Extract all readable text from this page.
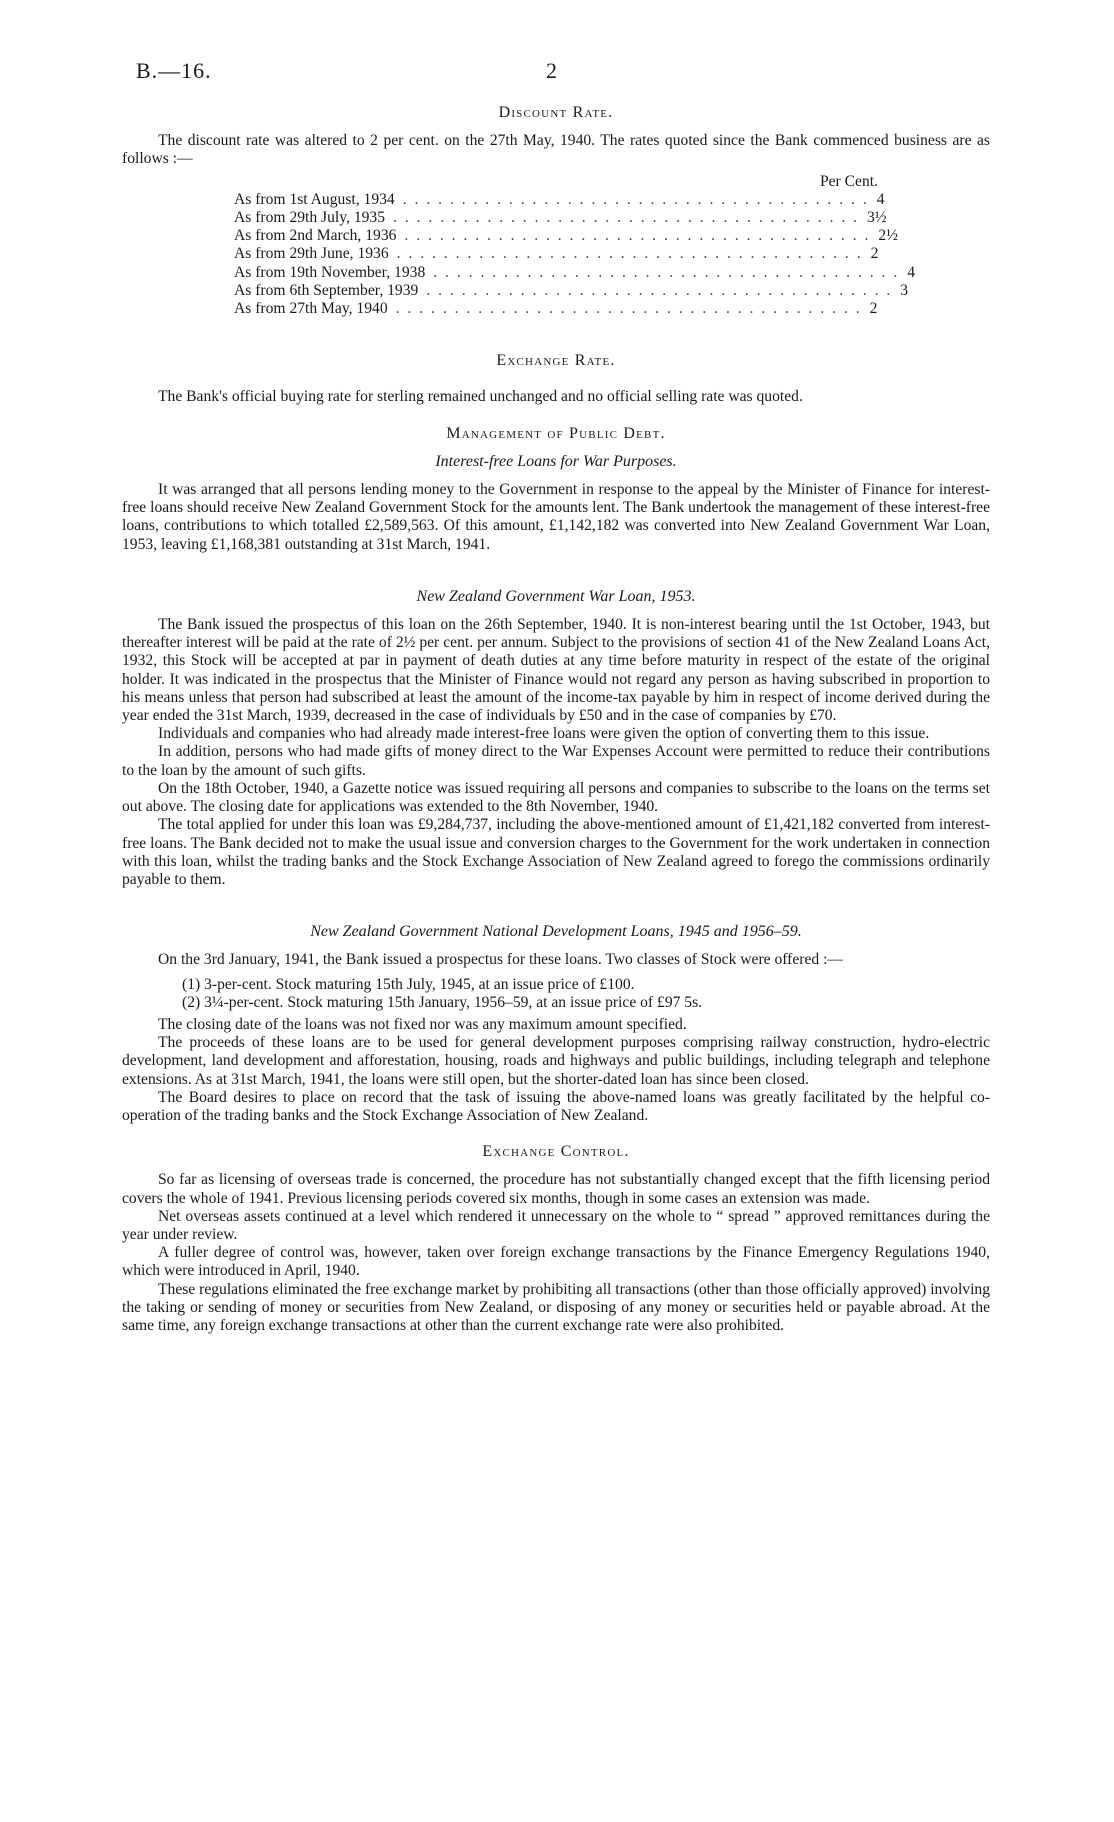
B.—16.	2
Discount Rate.

The discount rate was altered to 2 per cent. on the 27th May, 1940. The rates quoted since the Bank commenced business are as follows :—

Per Cent.
As from 1st August, 1934 . . . . . . . . . . . . . . . . . . . . . . . . . . . . . . . . . . . . . . . . 4
As from 29th July, 1935 . . . . . . . . . . . . . . . . . . . . . . . . . . . . . . . . . . . . . . . . 3½
As from 2nd March, 1936 . . . . . . . . . . . . . . . . . . . . . . . . . . . . . . . . . . . . . . . . 2½
As from 29th June, 1936 . . . . . . . . . . . . . . . . . . . . . . . . . . . . . . . . . . . . . . . . 2
As from 19th November, 1938 . . . . . . . . . . . . . . . . . . . . . . . . . . . . . . . . . . . . . . . . 4
As from 6th September, 1939 . . . . . . . . . . . . . . . . . . . . . . . . . . . . . . . . . . . . . . . . 3
As from 27th May, 1940 . . . . . . . . . . . . . . . . . . . . . . . . . . . . . . . . . . . . . . . . 2
Exchange Rate.

The Bank's official buying rate for sterling remained unchanged and no official selling rate was quoted.

Management of Public Debt.
Interest-free Loans for War Purposes.

It was arranged that all persons lending money to the Government in response to the appeal by the Minister of Finance for interest-free loans should receive New Zealand Government Stock for the amounts lent. The Bank undertook the management of these interest-free loans, contributions to which totalled £2,589,563. Of this amount, £1,142,182 was converted into New Zealand Government War Loan, 1953, leaving £1,168,381 outstanding at 31st March, 1941.

New Zealand Government War Loan, 1953.

The Bank issued the prospectus of this loan on the 26th September, 1940. It is non-interest bearing until the 1st October, 1943, but thereafter interest will be paid at the rate of 2½ per cent. per annum. Subject to the provisions of section 41 of the New Zealand Loans Act, 1932, this Stock will be accepted at par in payment of death duties at any time before maturity in respect of the estate of the original holder. It was indicated in the prospectus that the Minister of Finance would not regard any person as having subscribed in proportion to his means unless that person had subscribed at least the amount of the income-tax payable by him in respect of income derived during the year ended the 31st March, 1939, decreased in the case of individuals by £50 and in the case of companies by £70.

Individuals and companies who had already made interest-free loans were given the option of converting them to this issue.

In addition, persons who had made gifts of money direct to the War Expenses Account were permitted to reduce their contributions to the loan by the amount of such gifts.

On the 18th October, 1940, a Gazette notice was issued requiring all persons and companies to subscribe to the loans on the terms set out above. The closing date for applications was extended to the 8th November, 1940.

The total applied for under this loan was £9,284,737, including the above-mentioned amount of £1,421,182 converted from interest-free loans. The Bank decided not to make the usual issue and conversion charges to the Government for the work undertaken in connection with this loan, whilst the trading banks and the Stock Exchange Association of New Zealand agreed to forego the commissions ordinarily payable to them.

New Zealand Government National Development Loans, 1945 and 1956–59.

On the 3rd January, 1941, the Bank issued a prospectus for these loans. Two classes of Stock were offered :—

(1) 3-per-cent. Stock maturing 15th July, 1945, at an issue price of £100.
(2) 3¼-per-cent. Stock maturing 15th January, 1956–59, at an issue price of £97 5s.

The closing date of the loans was not fixed nor was any maximum amount specified.

The proceeds of these loans are to be used for general development purposes comprising railway construction, hydro-electric development, land development and afforestation, housing, roads and highways and public buildings, including telegraph and telephone extensions. As at 31st March, 1941, the loans were still open, but the shorter-dated loan has since been closed.

The Board desires to place on record that the task of issuing the above-named loans was greatly facilitated by the helpful co-operation of the trading banks and the Stock Exchange Association of New Zealand.

Exchange Control.

So far as licensing of overseas trade is concerned, the procedure has not substantially changed except that the fifth licensing period covers the whole of 1941. Previous licensing periods covered six months, though in some cases an extension was made.

Net overseas assets continued at a level which rendered it unnecessary on the whole to “ spread ” approved remittances during the year under review.

A fuller degree of control was, however, taken over foreign exchange transactions by the Finance Emergency Regulations 1940, which were introduced in April, 1940.

These regulations eliminated the free exchange market by prohibiting all transactions (other than those officially approved) involving the taking or sending of money or securities from New Zealand, or disposing of any money or securities held or payable abroad. At the same time, any foreign exchange transactions at other than the current exchange rate were also prohibited.
